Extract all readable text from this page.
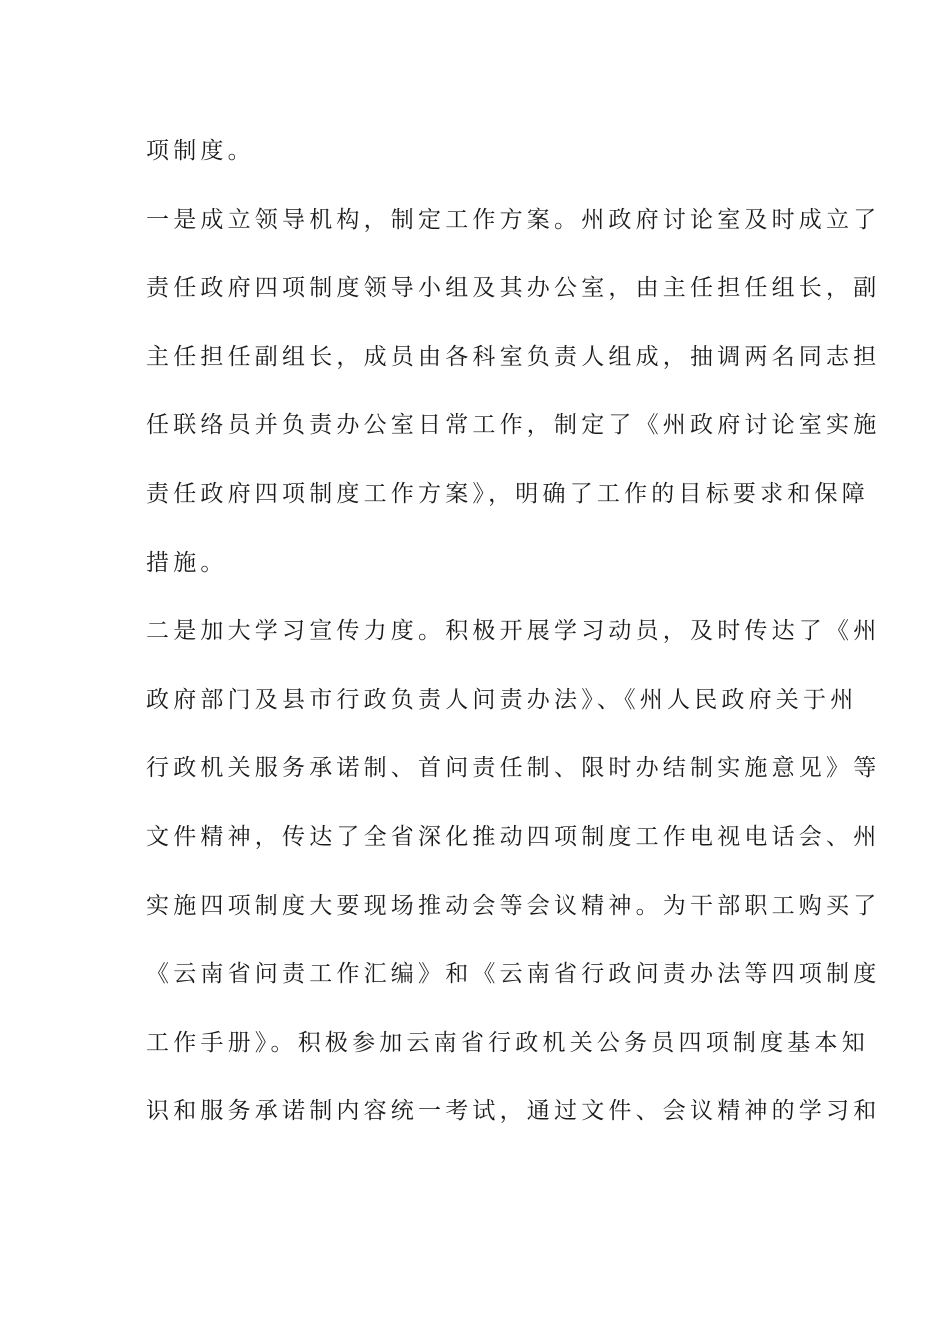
项制度。
一是成立领导机构，制定工作方案。州政府讨论室及时成立了
责任政府四项制度领导小组及其办公室，由主任担任组长，副
主任担任副组长，成员由各科室负责人组成，抽调两名同志担
任联络员并负责办公室日常工作，制定了《州政府讨论室实施
责任政府四项制度工作方案》，明确了工作的目标要求和保障
措施。
二是加大学习宣传力度。积极开展学习动员，及时传达了《州
政府部门及县市行政负责人问责办法》、《州人民政府关于州
行政机关服务承诺制、首问责任制、限时办结制实施意见》等
文件精神，传达了全省深化推动四项制度工作电视电话会、州
实施四项制度大要现场推动会等会议精神。为干部职工购买了
《云南省问责工作汇编》和《云南省行政问责办法等四项制度
工作手册》。积极参加云南省行政机关公务员四项制度基本知
识和服务承诺制内容统一考试，通过文件、会议精神的学习和
